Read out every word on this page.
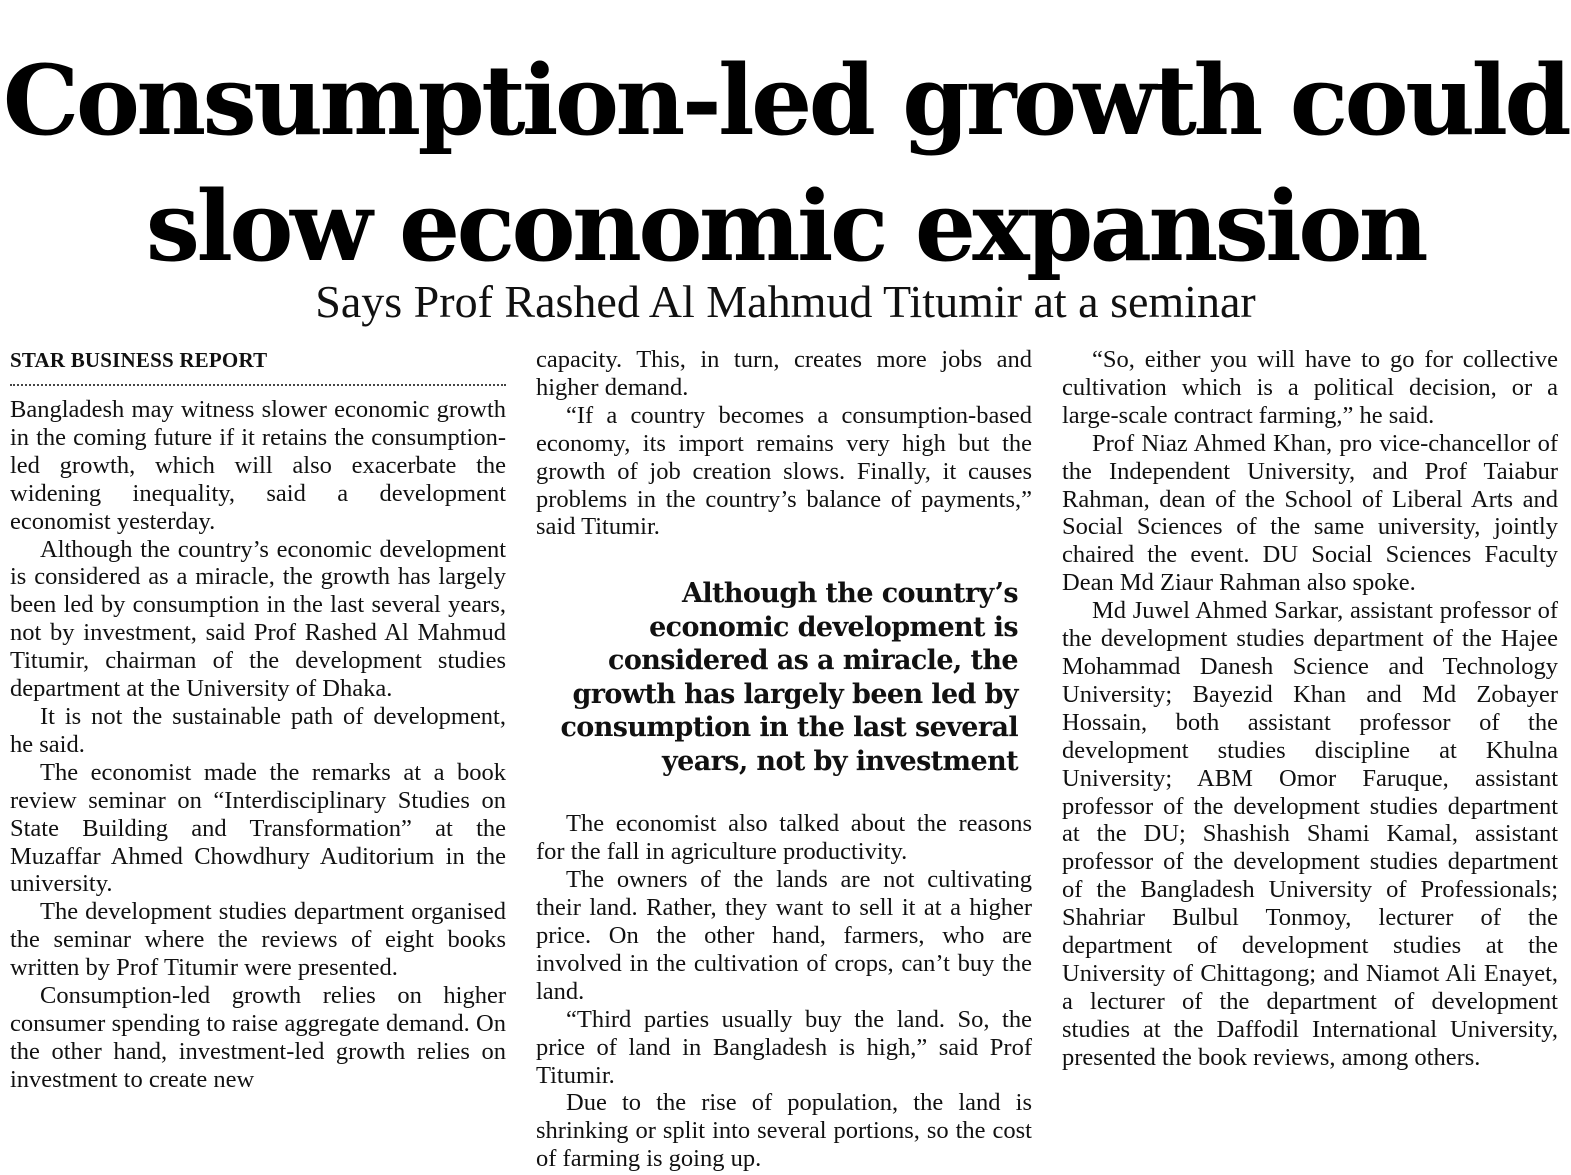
Consumption-led growth could
slow economic expansion
Says Prof Rashed Al Mahmud Titumir at a seminar
STAR BUSINESS REPORT

Bangladesh may witness slower economic growth in the coming future if it retains the consumption-led growth, which will also exacerbate the widening inequality, said a development economist yesterday.

Although the country’s economic development is considered as a miracle, the growth has largely been led by consumption in the last several years, not by investment, said Prof Rashed Al Mahmud Titumir, chairman of the development studies department at the University of Dhaka.

It is not the sustainable path of development, he said.

The economist made the remarks at a book review seminar on “Interdisciplinary Studies on State Building and Transformation” at the Muzaffar Ahmed Chowdhury Auditorium in the university.

The development studies department organised the seminar where the reviews of eight books written by Prof Titumir were presented.

Consumption-led growth relies on higher consumer spending to raise aggregate demand. On the other hand, investment-led growth relies on investment to create new

capacity. This, in turn, creates more jobs and higher demand.

“If a country becomes a consumption-based economy, its import remains very high but the growth of job creation slows. Finally, it causes problems in the country’s balance of payments,” said Titumir.

Although the country’s economic development is considered as a miracle, the growth has largely been led by consumption in the last several years, not by investment

The economist also talked about the reasons for the fall in agriculture productivity.

The owners of the lands are not cultivating their land. Rather, they want to sell it at a higher price. On the other hand, farmers, who are involved in the cultivation of crops, can’t buy the land.

“Third parties usually buy the land. So, the price of land in Bangladesh is high,” said Prof Titumir.

Due to the rise of population, the land is shrinking or split into several portions, so the cost of farming is going up.

“So, either you will have to go for collective cultivation which is a political decision, or a large-scale contract farming,” he said.

Prof Niaz Ahmed Khan, pro vice-chancellor of the Independent University, and Prof Taiabur Rahman, dean of the School of Liberal Arts and Social Sciences of the same university, jointly chaired the event. DU Social Sciences Faculty Dean Md Ziaur Rahman also spoke.

Md Juwel Ahmed Sarkar, assistant professor of the development studies department of the Hajee Mohammad Danesh Science and Technology University; Bayezid Khan and Md Zobayer Hossain, both assistant professor of the development studies discipline at Khulna University; ABM Omor Faruque, assistant professor of the development studies department at the DU; Shashish Shami Kamal, assistant professor of the development studies department of the Bangladesh University of Professionals; Shahriar Bulbul Tonmoy, lecturer of the department of development studies at the University of Chittagong; and Niamot Ali Enayet, a lecturer of the department of development studies at the Daffodil International University, presented the book reviews, among others.
